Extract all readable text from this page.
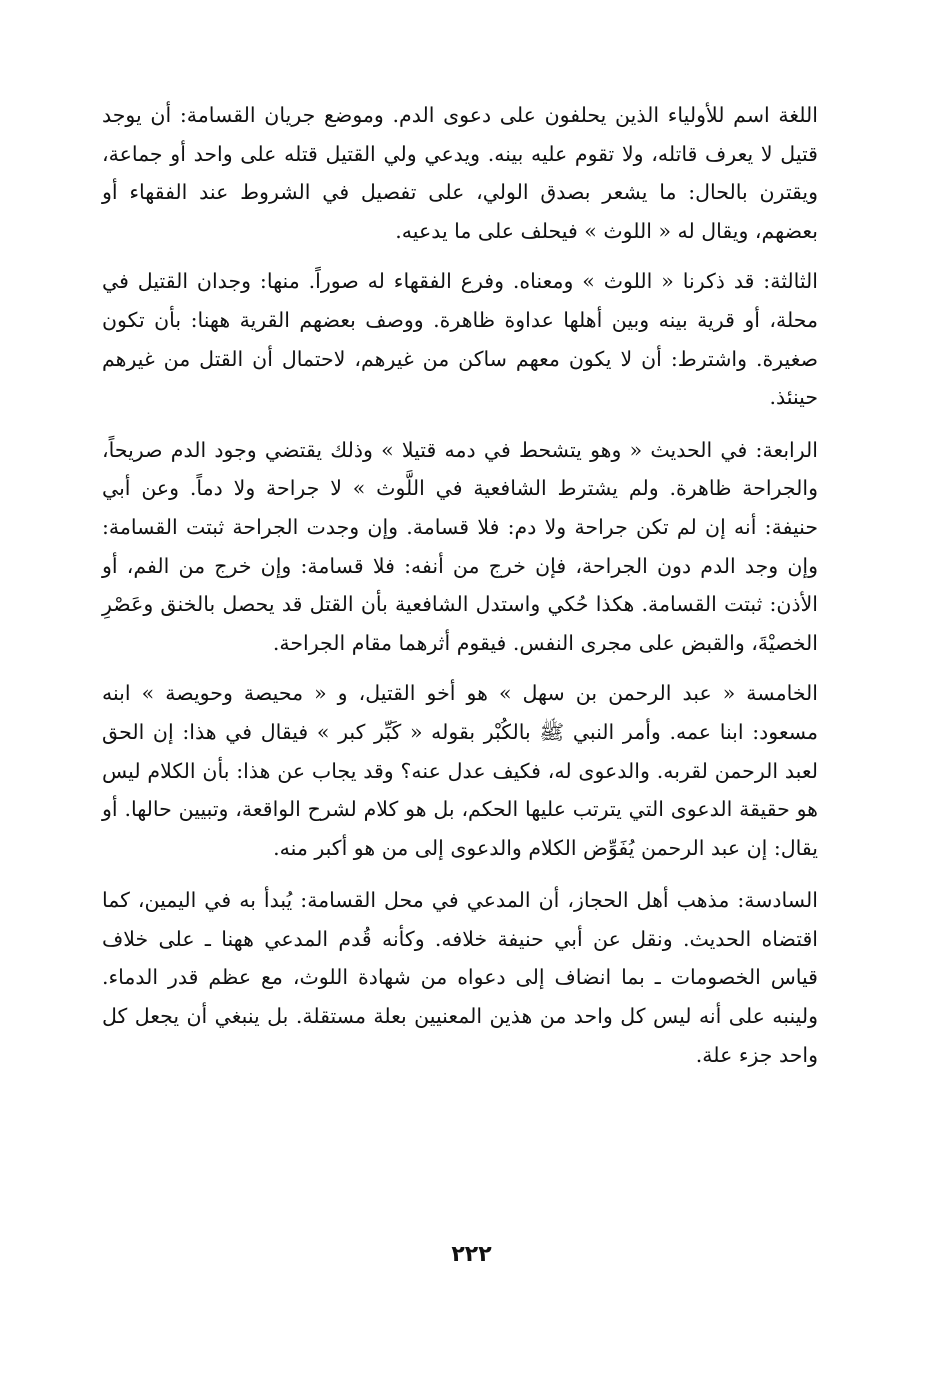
اللغة اسم للأولياء الذين يحلفون على دعوى الدم. وموضع جريان القسامة: أن يوجد قتيل لا يعرف قاتله، ولا تقوم عليه بينه. ويدعي ولي القتيل قتله على واحد أو جماعة، ويقترن بالحال: ما يشعر بصدق الولي، على تفصيل في الشروط عند الفقهاء أو بعضهم، ويقال له « اللوث » فيحلف على ما يدعيه.

الثالثة: قد ذكرنا « اللوث » ومعناه. وفرع الفقهاء له صوراً. منها: وجدان القتيل في محلة، أو قرية بينه وبين أهلها عداوة ظاهرة. ووصف بعضهم القرية ههنا: بأن تكون صغيرة. واشترط: أن لا يكون معهم ساكن من غيرهم، لاحتمال أن القتل من غيرهم حينئذ.

الرابعة: في الحديث « وهو يتشحط في دمه قتيلا » وذلك يقتضي وجود الدم صريحاً، والجراحة ظاهرة. ولم يشترط الشافعية في اللَّوث » لا جراحة ولا دماً. وعن أبي حنيفة: أنه إن لم تكن جراحة ولا دم: فلا قسامة. وإن وجدت الجراحة ثبتت القسامة: وإن وجد الدم دون الجراحة، فإن خرج من أنفه: فلا قسامة: وإن خرج من الفم، أو الأذن: ثبتت القسامة. هكذا حُكي واستدل الشافعية بأن القتل قد يحصل بالخنق وعَصْرِ الخصيْةَ، والقبض على مجرى النفس. فيقوم أثرهما مقام الجراحة.

الخامسة « عبد الرحمن بن سهل » هو أخو القتيل، و « محيصة وحويصة » ابنه مسعود: ابنا عمه. وأمر النبي ﷺ بالكُبْر بقوله « كَبِّر كبر » فيقال في هذا: إن الحق لعبد الرحمن لقربه. والدعوى له، فكيف عدل عنه؟ وقد يجاب عن هذا: بأن الكلام ليس هو حقيقة الدعوى التي يترتب عليها الحكم، بل هو كلام لشرح الواقعة، وتبيين حالها. أو يقال: إن عبد الرحمن يُفَوِّض الكلام والدعوى إلى من هو أكبر منه.

السادسة: مذهب أهل الحجاز، أن المدعي في محل القسامة: يُبدأ به في اليمين، كما اقتضاه الحديث. ونقل عن أبي حنيفة خلافه. وكأنه قُدم المدعي ههنا ـ على خلاف قياس الخصومات ـ بما انضاف إلى دعواه من شهادة اللوث، مع عظم قدر الدماء. ولينبه على أنه ليس كل واحد من هذين المعنيين بعلة مستقلة. بل ينبغي أن يجعل كل واحد جزء علة.

٢٢٢
